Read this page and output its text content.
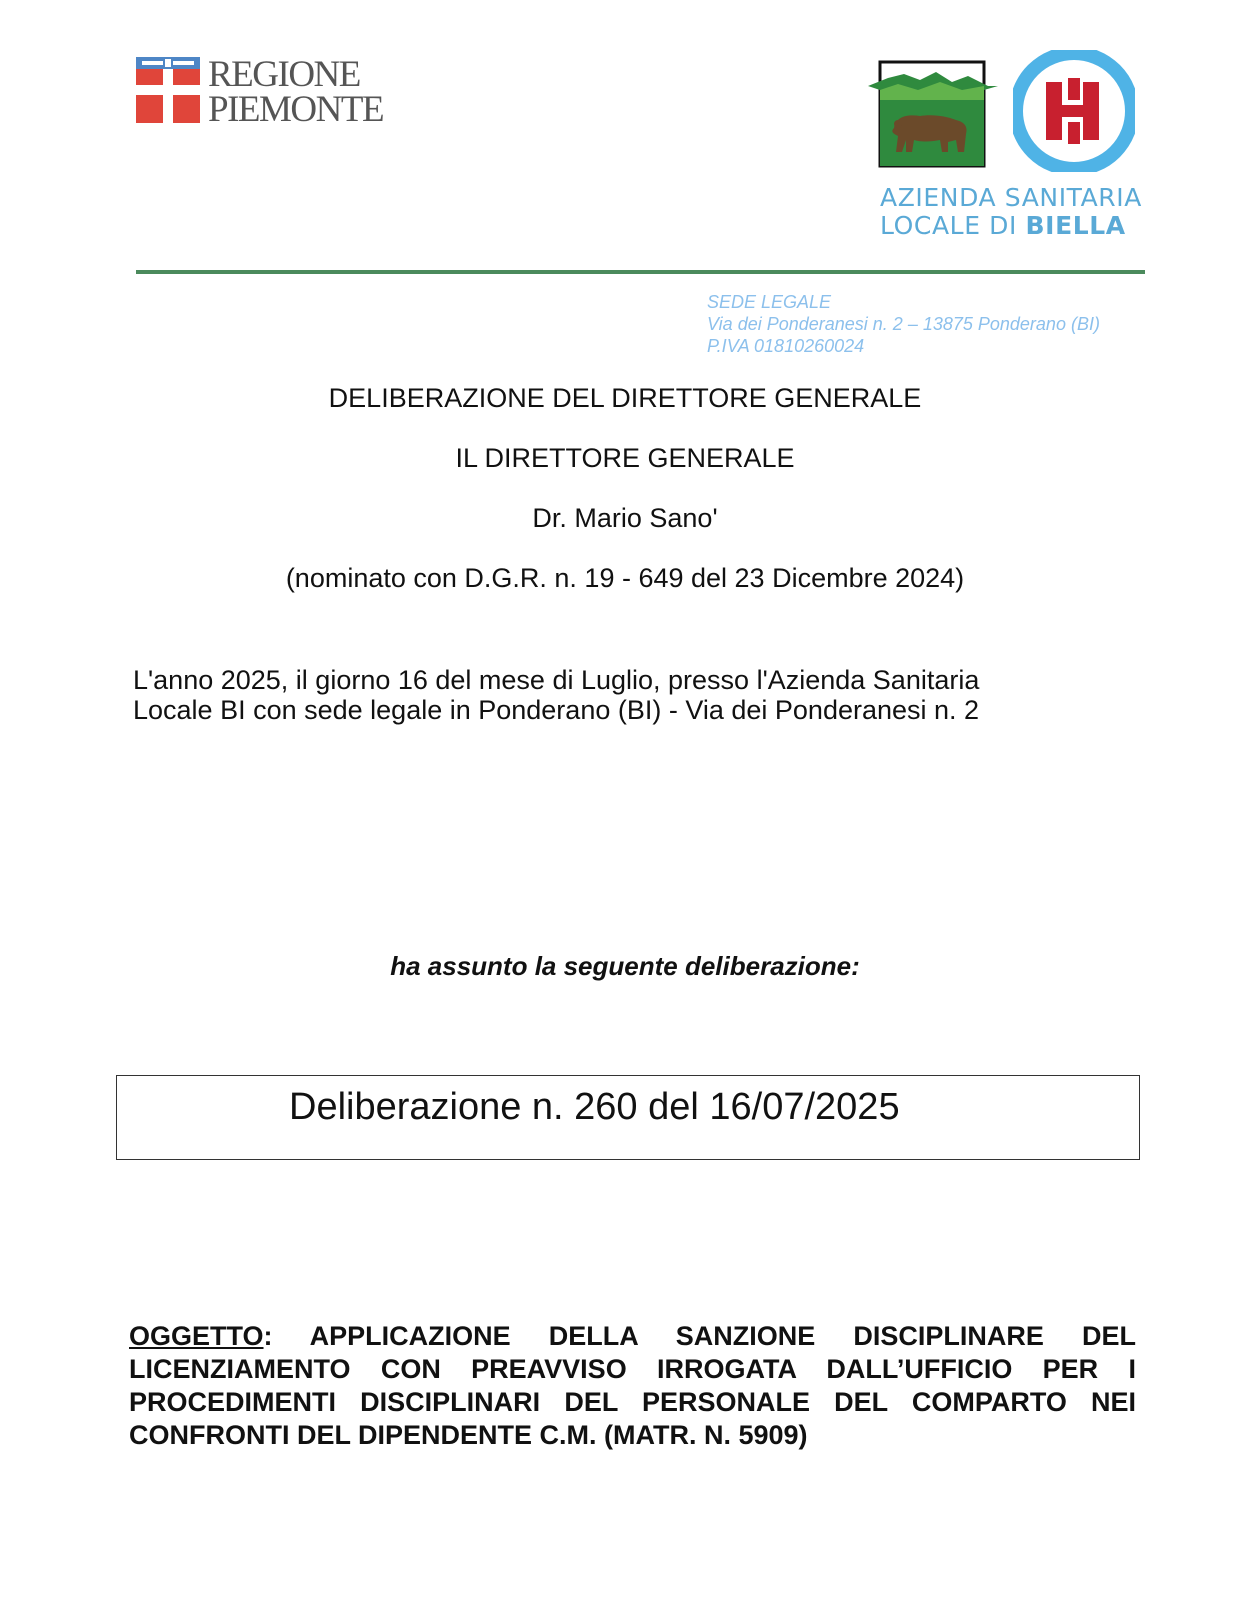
REGIONE
PIEMONTE
AZIENDA SANITARIA
LOCALE DI BIELLA
SEDE LEGALE
Via dei Ponderanesi n. 2 – 13875 Ponderano (BI)
P.IVA 01810260024
DELIBERAZIONE DEL DIRETTORE GENERALE
IL DIRETTORE GENERALE
Dr. Mario Sano'
(nominato con D.G.R. n. 19 - 649 del 23 Dicembre 2024)
L'anno 2025, il giorno 16 del mese di Luglio, presso l'Azienda Sanitaria
Locale BI con sede legale in Ponderano (BI) - Via dei Ponderanesi n. 2
ha assunto la seguente deliberazione:
Deliberazione n. 260 del 16/07/2025
OGGETTO: APPLICAZIONE DELLA SANZIONE DISCIPLINARE DEL LICENZIAMENTO CON PREAVVISO IRROGATA DALL’UFFICIO PER I PROCEDIMENTI DISCIPLINARI DEL PERSONALE DEL COMPARTO NEI CONFRONTI DEL DIPENDENTE C.M. (MATR. N. 5909)
